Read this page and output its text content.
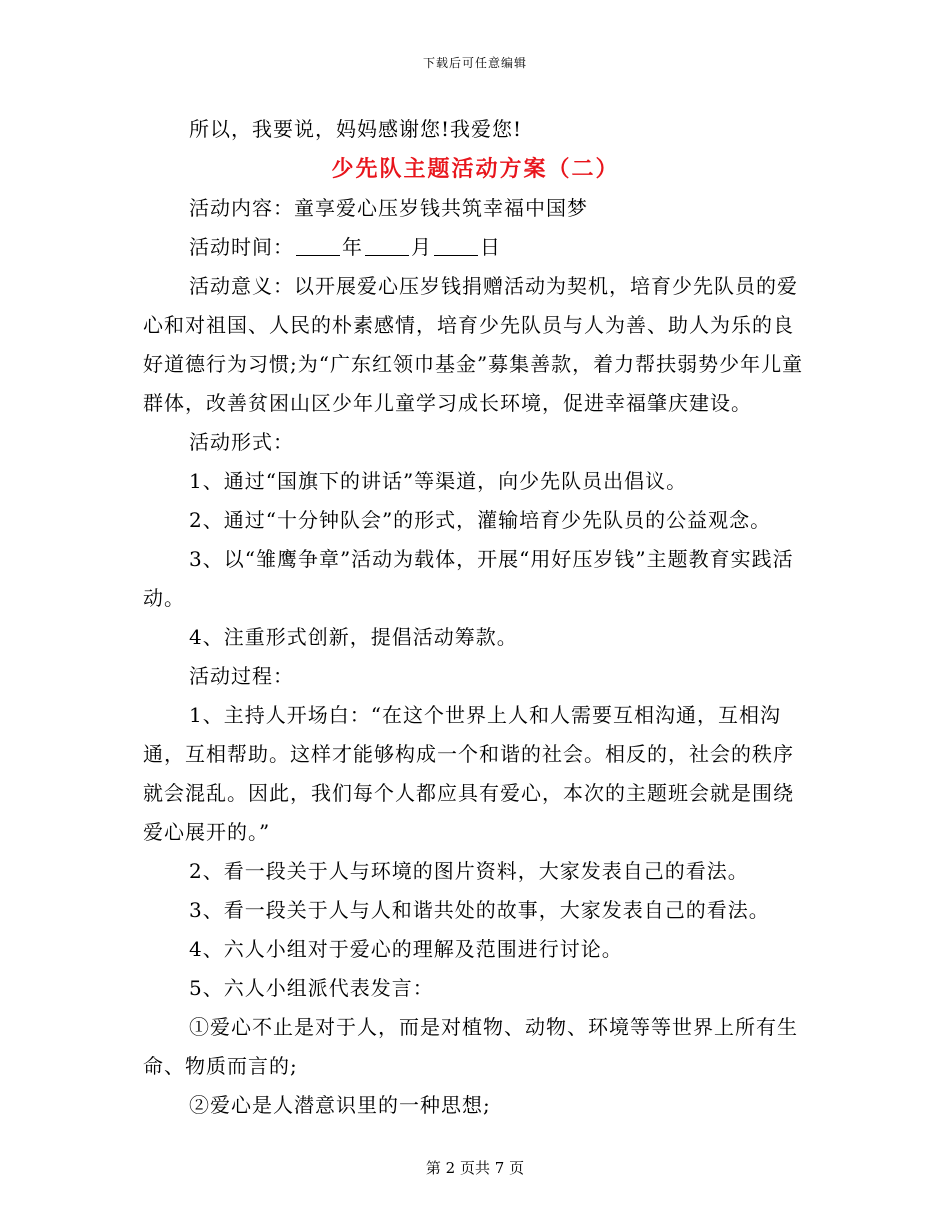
下载后可任意编辑

所以，我要说，妈妈感谢您!我爱您!

少先队主题活动方案（二）

活动内容：童享爱心压岁钱共筑幸福中国梦

活动时间： 年 月 日

活动意义：以开展爱心压岁钱捐赠活动为契机，培育少先队员的爱心和对祖国、人民的朴素感情，培育少先队员与人为善、助人为乐的良好道德行为习惯;为“广东红领巾基金”募集善款，着力帮扶弱势少年儿童群体，改善贫困山区少年儿童学习成长环境，促进幸福肇庆建设。

活动形式：

1、通过“国旗下的讲话”等渠道，向少先队员出倡议。

2、通过“十分钟队会”的形式，灌输培育少先队员的公益观念。

3、以“雏鹰争章”活动为载体，开展“用好压岁钱”主题教育实践活动。

4、注重形式创新，提倡活动筹款。

活动过程：

1、主持人开场白：“在这个世界上人和人需要互相沟通，互相沟通，互相帮助。这样才能够构成一个和谐的社会。相反的，社会的秩序就会混乱。因此，我们每个人都应具有爱心，本次的主题班会就是围绕爱心展开的。”

2、看一段关于人与环境的图片资料，大家发表自己的看法。

3、看一段关于人与人和谐共处的故事，大家发表自己的看法。

4、六人小组对于爱心的理解及范围进行讨论。

5、六人小组派代表发言：

①爱心不止是对于人，而是对植物、动物、环境等等世界上所有生命、物质而言的;

②爱心是人潜意识里的一种思想;

第 2 页共 7 页
